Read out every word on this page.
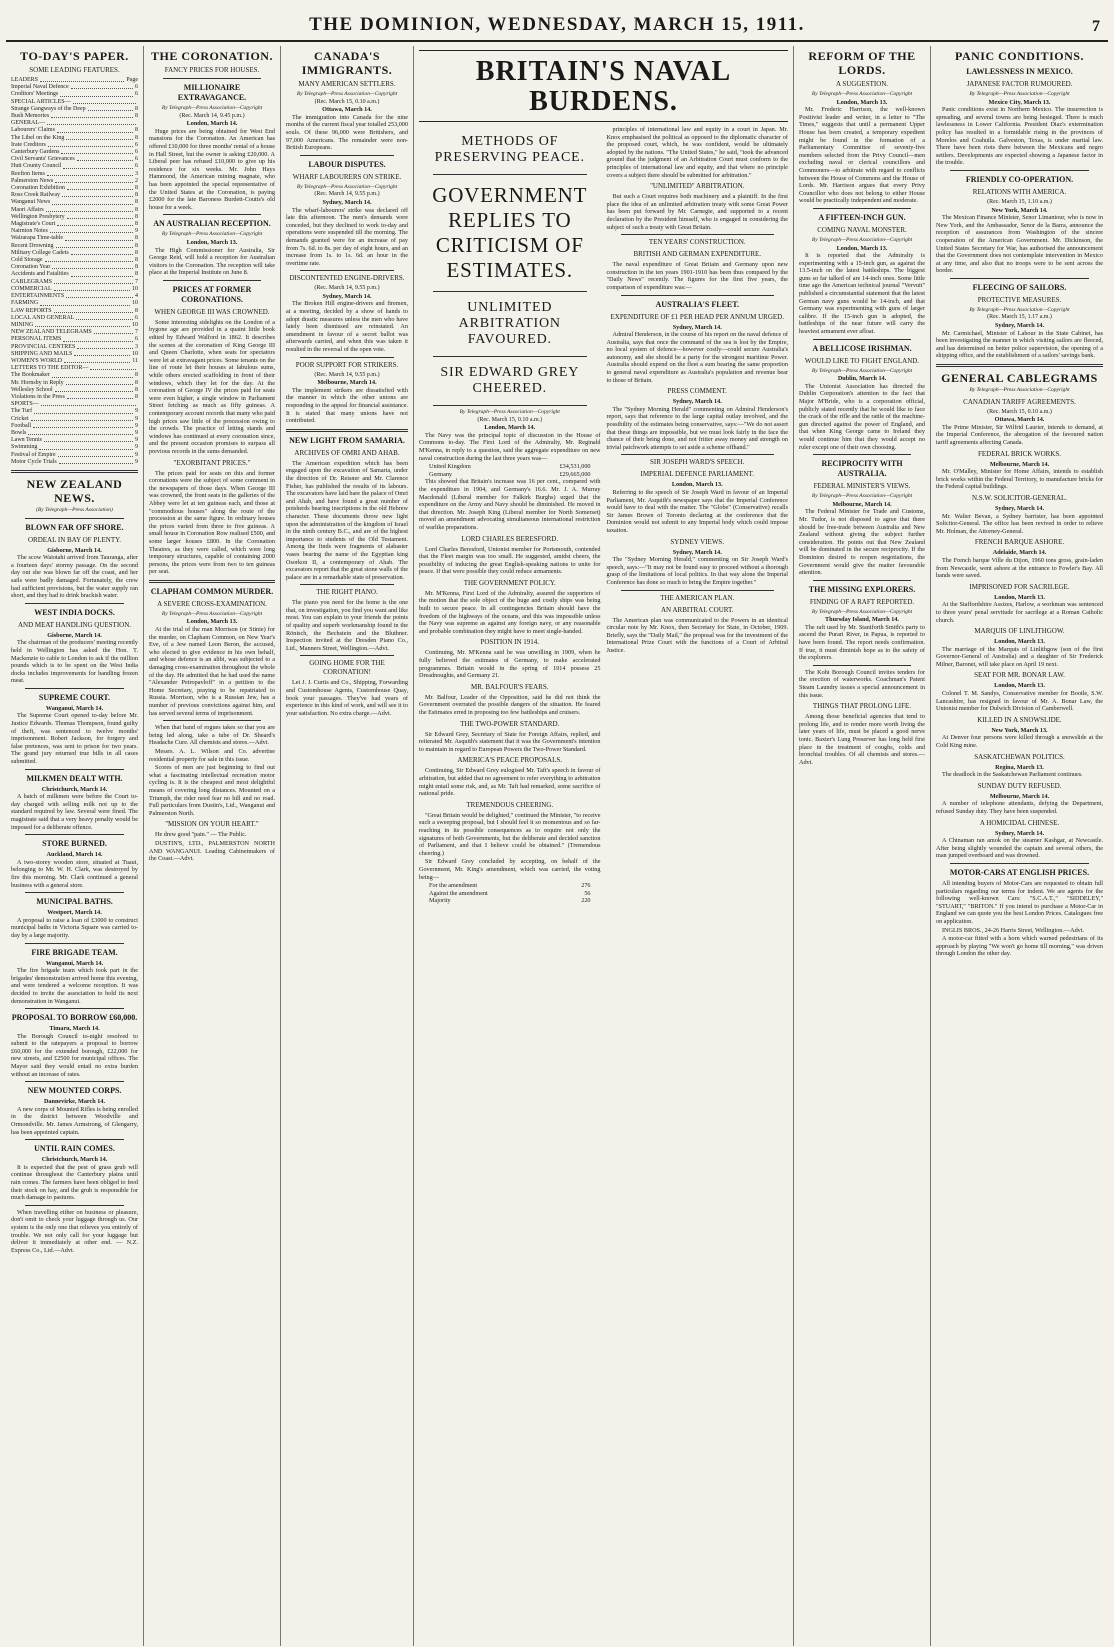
THE DOMINION, WEDNESDAY, MARCH 15, 1911.	7
TO-DAY'S PAPER.
SOME LEADING FEATURES.
LEADERS	Page
Imperial Naval Defence	6
Creditors' Meetings	6
SPECIAL ARTICLES—
Strange Gangways of the Deep	8
Bush Memories	8
GENERAL—
Labourers' Claims	8
The Libel on the King	8
Irate Creditors	6
Canterbury Gardens	6
Civil Servants' Grievances	6
Hutt County Council	6
Reefton Items	3
Palmerston News	2
Coronation Exhibition	8
Ross Creek Railway	8
Wanganui News	8
Maori Affairs	8
Wellington Presbytery	8
Magistrate's Court	8
Nairnton Notes	9
Wairarapa Time-table	8
Recent Drowning	8
Military College Cadets	8
Cold Storage	8
Coronation Year	8
Accidents and Fatalities	8
CABLEGRAMS	7
COMMERCIAL	10
ENTERTAINMENTS	4
FARMING	10
LAW REPORTS	8
LOCAL AND GENERAL	6
MINING	10
NEW ZEALAND TELEGRAMS	7
PERSONAL ITEMS	6
PROVINCIAL CENTRES	3
SHIPPING AND MAILS	10
WOMEN'S WORLD	11
LETTERS TO THE EDITOR—
The Bookmaker	8
Mr. Hornsby in Reply	8
Wellesley School	8
Violations in the Press	8
SPORTS—
The Turf	9
Cricket	9
Football	9
Bowls	9
Lawn Tennis	9
Swimming	9
Festival of Empire	9
Motor Cycle Trials	9
NEW ZEALAND NEWS.
(By Telegraph—Press Association)
BLOWN FAR OFF SHORE.
ORDEAL IN BAY OF PLENTY.
Gisborne, March 14.

The scow Waiotahi arrived from Tauranga, after a fourteen days' stormy passage. On the second day out she was blown far off the coast, and her sails were badly damaged. Fortunately, the crew had sufficient provisions, but the water supply ran short, and they had to drink brackish water.

WEST INDIA DOCKS.
AND MEAT HANDLING QUESTION.
Gisborne, March 14.

The chairman of the producers' meeting recently held in Wellington has asked the Hon. T. Mackenzie to cable to London to ask if the million pounds which is to be spent on the West India docks includes improvements for handling frozen meat.

SUPREME COURT.
Wanganui, March 14.

The Supreme Court opened to-day before Mr. Justice Edwards. Thomas Thompson, found guilty of theft, was sentenced to twelve months' imprisonment. Robert Jackson, for forgery and false pretences, was sent to prison for two years. The grand jury returned true bills in all cases submitted.

MILKMEN DEALT WITH.
Christchurch, March 14.

A batch of milkmen were before the Court to-day charged with selling milk not up to the standard required by law. Several were fined. The magistrate said that a very heavy penalty would be imposed for a deliberate offence.

STORE BURNED.
Auckland, March 14.

A two-storey wooden store, situated at Tuaui, belonging to Mr. W. H. Clark, was destroyed by fire this morning. Mr. Clark continued a general business with a general store.

MUNICIPAL BATHS.
Westport, March 14.

A proposal to raise a loan of £3000 to construct municipal baths in Victoria Square was carried to-day by a large majority.

FIRE BRIGADE TEAM.
Wanganui, March 14.

The fire brigade team which took part in the brigades' demonstration arrived home this evening, and were tendered a welcome reception. It was decided to invite the association to hold its next demonstration in Wanganui.

PROPOSAL TO BORROW £60,000.
Timaru, March 14.

The Borough Council to-night resolved to submit to the ratepayers a proposal to borrow £60,000 for the extended borough, £22,000 for new streets, and £2500 for municipal offices. The Mayor said they would entail no extra burden without an increase of rates.

NEW MOUNTED CORPS.
Dannevirke, March 14.

A new corps of Mounted Rifles is being enrolled in the district between Woodville and Ormondville. Mr. James Armstrong, of Glengarry, has been appointed captain.

UNTIL RAIN COMES.
Christchurch, March 14.

It is expected that the pest of grass grub will continue throughout the Canterbury plains until rain comes. The farmers have been obliged to feed their stock on hay, and the grub is responsible for much damage to pastures.

When travelling either on business or pleasure, don't omit to check your luggage through us. Our system is the only one that relieves you entirely of trouble. We not only call for your luggage but deliver it immediately at other end. — N.Z. Express Co., Ltd.—Advt.

THE CORONATION.
FANCY PRICES FOR HOUSES.
MILLIONAIRE EXTRAVAGANCE.
By Telegraph—Press Association—Copyright
(Rec. March 14, 9.45 p.m.)
London, March 14.

Huge prices are being obtained for West End mansions for the Coronation. An American has offered £10,000 for three months' rental of a house in Hall Street, but the owner is asking £20,000. A Liberal peer has refused £10,000 to give up his residence for six weeks. Mr. John Hays Hammond, the American mining magnate, who has been appointed the special representative of the United States at the Coronation, is paying £2000 for the late Baroness Burdett-Coutts's old house for a week.

AN AUSTRALIAN RECEPTION.
By Telegraph—Press Association—Copyright
London, March 13.

The High Commissioner for Australia, Sir George Reid, will hold a reception for Australian visitors to the Coronation. The reception will take place at the Imperial Institute on June 8.

PRICES AT FORMER CORONATIONS.
WHEN GEORGE III WAS CROWNED.

Some interesting sidelights on the London of a bygone age are provided in a quaint little book edited by Edward Walford in 1862. It describes the scenes at the coronation of King George III and Queen Charlotte, when seats for spectators were let at extravagant prices. Some tenants on the line of route let their houses at fabulous sums, while others erected scaffolding in front of their windows, which they let for the day. At the coronation of George IV the prices paid for seats were even higher, a single window in Parliament Street fetching as much as fifty guineas. A contemporary account records that many who paid high prices saw little of the procession owing to the crowds. The practice of letting stands and windows has continued at every coronation since, and the present occasion promises to surpass all previous records in the sums demanded.

"EXORBITANT PRICES."

The prices paid for seats on this and former coronations were the subject of some comment in the newspapers of those days. When George III was crowned, the front seats in the galleries of the Abbey were let at ten guineas each, and those at "commodious houses" along the route of the procession at the same figure. In ordinary houses the prices varied from three to five guineas. A small house in Coronation Row realised £500, and some larger houses £800. In the Coronation Theatres, as they were called, which were long temporary structures, capable of containing 2000 persons, the prices were from two to ten guineas per seat.

CLAPHAM COMMON MURDER.
A SEVERE CROSS-EXAMINATION.
By Telegraph—Press Association—Copyright
London, March 13.

At the trial of the man Morrison (or Stinie) for the murder, on Clapham Common, on New Year's Eve, of a Jew named Leon Beron, the accused, who elected to give evidence in his own behalf, and whose defence is an alibi, was subjected to a damaging cross-examination throughout the whole of the day. He admitted that he had used the name "Alexander Petropavloff" in a petition to the Home Secretary, praying to be repatriated to Russia. Morrison, who is a Russian Jew, has a number of previous convictions against him, and has served several terms of imprisonment.

When that band of rogues takes so that you are being led along, take a tube of Dr. Sheard's Headache Cure. All chemists and stores.—Advt.

Messrs. A. L. Wilson and Co. advertise residential property for sale in this issue.

Scores of men are just beginning to find out what a fascinating intellectual recreation motor cycling is. It is the cheapest and most delightful means of covering long distances. Mounted on a Triumph, the rider need fear no hill and no road. Full particulars from Dustin's, Ltd., Wanganui and Palmerston North.

"MISSION ON YOUR HEART."

He drew good "pain." — The Public.

DUSTIN'S, LTD., PALMERSTON NORTH AND WANGANUI. Leading Cabinetmakers of the Coast.—Advt.

CANADA'S IMMIGRANTS.
MANY AMERICAN SETTLERS.
By Telegraph—Press Association—Copyright
(Rec. March 15, 0.10 a.m.)
Ottawa, March 14.

The immigration into Canada for the nine months of the current fiscal year totalled 253,000 souls. Of these 96,000 were Britishers, and 97,000 Americans. The remainder were non-British Europeans.

LABOUR DISPUTES.
WHARF LABOURERS ON STRIKE.
By Telegraph—Press Association—Copyright
(Rec. March 14, 9.55 p.m.)
Sydney, March 14.

The wharf-labourers' strike was declared off late this afternoon. The men's demands were conceded, but they declined to work to-day and operations were suspended till the morning. The demands granted were for an increase of pay from 7s. 6d. to 8s. per day of eight hours, and an increase from 1s. to 1s. 6d. an hour in the overtime rate.

DISCONTENTED ENGINE-DRIVERS.
(Rec. March 14, 9.55 p.m.)
Sydney, March 14.

The Broken Hill engine-drivers and firemen, at a meeting, decided by a show of hands to adopt drastic measures unless the men who have lately been dismissed are reinstated. An amendment in favour of a secret ballot was afterwards carried, and when this was taken it resulted in the reversal of the open vote.

POOR SUPPORT FOR STRIKERS.
(Rec. March 14, 9.55 p.m.)
Melbourne, March 14.

The implement strikers are dissatisfied with the manner in which the other unions are responding to the appeal for financial assistance. It is stated that many unions have not contributed.

NEW LIGHT FROM SAMARIA.
ARCHIVES OF OMRI AND AHAB.

The American expedition which has been engaged upon the excavation of Samaria, under the direction of Dr. Reisner and Mr. Clarence Fisher, has published the results of its labours. The excavators have laid bare the palace of Omri and Ahab, and have found a great number of potsherds bearing inscriptions in the old Hebrew character. These documents throw new light upon the administration of the kingdom of Israel in the ninth century B.C., and are of the highest importance to students of the Old Testament. Among the finds were fragments of alabaster vases bearing the name of the Egyptian king Osorkon II, a contemporary of Ahab. The excavators report that the great stone walls of the palace are in a remarkable state of preservation.

THE RIGHT PIANO.

The piano you need for the home is the one that, on investigation, you find you want and like most. You can explain to your friends the points of quality and superb workmanship found in the Rönisch, the Bechstein and the Bluthner. Inspection invited at the Dresden Piano Co., Ltd., Manners Street, Wellington.—Advt.

GOING HOME FOR THE CORONATION!

Let J. J. Curtis and Co., Shipping, Forwarding and Customhouse Agents, Customhouse Quay, book your passages. They've had years of experience in this kind of work, and will see it to your satisfaction. No extra charge.—Advt.

BRITAIN'S NAVAL BURDENS.
METHODS OF PRESERVING PEACE.
GOVERNMENT REPLIES TO CRITICISM OF ESTIMATES.
UNLIMITED ARBITRATION FAVOURED.
SIR EDWARD GREY CHEERED.
By Telegraph—Press Association—Copyright
(Rec. March 15, 0.10 a.m.)
London, March 14.

The Navy was the principal topic of discussion in the House of Commons to-day. The First Lord of the Admiralty, Mr. Reginald M'Kenna, in reply to a question, said the aggregate expenditure on new naval construction during the last three years was—

United Kingdom	£34,531,000
Germany	£29,665,000

This showed that Britain's increase was 16 per cent., compared with the expenditure in 1904, and Germany's 16.6. Mr. J. A. Murray Macdonald (Liberal member for Falkirk Burghs) urged that the expenditure on the Army and Navy should be diminished. He moved in that direction. Mr. Joseph King (Liberal member for North Somerset) moved an amendment advocating simultaneous international restriction of warlike preparations.

LORD CHARLES BERESFORD.

Lord Charles Beresford, Unionist member for Portsmouth, contended that the Fleet margin was too small. He suggested, amidst cheers, the possibility of inducing the great English-speaking nations to unite for peace. If that were possible they could reduce armaments.

THE GOVERNMENT POLICY.

Mr. M'Kenna, First Lord of the Admiralty, assured the supporters of the motion that the sole object of the huge and costly ships was being built to secure peace. In all contingencies Britain should have the freedom of the highways of the oceans, and this was impossible unless the Navy was supreme as against any foreign navy, or any reasonable and probable combination they might have to meet single-handed.

POSITION IN 1914.

Continuing, Mr. M'Kenna said he was unwilling in 1909, when he fully believed the estimates of Germany, to make accelerated programmes. Britain would in the spring of 1914 possess 25 Dreadnoughts, and Germany 21.

MR. BALFOUR'S FEARS.

Mr. Balfour, Leader of the Opposition, said he did not think the Government overrated the possible dangers of the situation. He feared the Estimates erred in proposing too few battleships and cruisers.

THE TWO-POWER STANDARD.

Sir Edward Grey, Secretary of State for Foreign Affairs, replied, and reiterated Mr. Asquith's statement that it was the Government's intention to maintain in regard to European Powers the Two-Power Standard.

AMERICA'S PEACE PROPOSALS.

Continuing, Sir Edward Grey eulogised Mr. Taft's speech in favour of arbitration, but added that no agreement to refer everything to arbitration might entail some risk, and, as Mr. Taft had remarked, some sacrifice of national pride.

TREMENDOUS CHEERING.

"Great Britain would be delighted," continued the Minister, "to receive such a sweeping proposal, but I should feel it so momentous and so far-reaching in its possible consequences as to require not only the signatures of both Governments, but the deliberate and decided sanction of Parliament, and that I believe could be obtained." (Tremendous cheering.)

Sir Edward Grey concluded by accepting, on behalf of the Government, Mr. King's amendment, which was carried, the voting being—

For the amendment	276
Against the amendment	56
Majority	220

principles of international law and equity in a court in Japan. Mr. Knox emphasised the political as opposed to the diplomatic character of the proposed court, which, he was confident, would be ultimately adopted by the nations. "The United States," he said, "took the advanced ground that the judgment of an Arbitration Court must conform to the principles of international law and equity, and that where no principle covers a subject there should be submitted for arbitration."

"UNLIMITED" ARBITRATION.

But such a Court requires both machinery and a plaintiff. In the first place the idea of an unlimited arbitration treaty with some Great Power has been put forward by Mr. Carnegie, and supported to a recent declaration by the President himself, who is engaged in considering the subject of such a treaty with Great Britain.

TEN YEARS' CONSTRUCTION.
BRITISH AND GERMAN EXPENDITURE.

The naval expenditure of Great Britain and Germany upon new construction in the ten years 1901-1910 has been thus compared by the "Daily News" recently. The figures for the first five years, the comparison of expenditure was:—

AUSTRALIA'S FLEET.
EXPENDITURE OF £1 PER HEAD PER ANNUM URGED.
Sydney, March 14.

Admiral Henderson, in the course of his report on the naval defence of Australia, says that once the command of the sea is lost by the Empire, no local system of defence—however costly—could secure Australia's autonomy, and she should be a party for the strongest maritime Power. Australia should expend on the fleet a sum bearing the same proportion to general naval expenditure as Australia's population and revenue bear to those of Britain.

PRESS COMMENT.
Sydney, March 14.

The "Sydney Morning Herald" commenting on Admiral Henderson's report, says that reference to the large capital outlay involved, and the possibility of the estimates being conservative, says:—"We do not assert that these things are impossible, but we must look fairly in the face the chance of their being done, and not fritter away money and strength on trivial patchwork attempts to set aside a scheme offhand."

SIR JOSEPH WARD'S SPEECH.
IMPERIAL DEFENCE PARLIAMENT.
London, March 13.

Referring to the speech of Sir Joseph Ward in favour of an Imperial Parliament, Mr. Asquith's newspaper says that the Imperial Conference would have to deal with the matter. The "Globe" (Conservative) recalls Sir James Brown of Toronto declaring at the conference that the Dominion would not submit to any Imperial body which could impose taxation.

SYDNEY VIEWS.
Sydney, March 14.

The "Sydney Morning Herald," commenting on Sir Joseph Ward's speech, says:—"It may not be found easy to proceed without a thorough grasp of the limitations of local politics. In that way alone the Imperial Conference has done so much to bring the Empire together."

THE AMERICAN PLAN.
AN ARBITRAL COURT.

The American plan was communicated to the Powers in an identical circular note by Mr. Knox, then Secretary for State, in October, 1909. Briefly, says the "Daily Mail," the proposal was for the investment of the International Prize Court with the functions of a Court of Arbitral Justice.

REFORM OF THE LORDS.
A SUGGESTION.
By Telegraph—Press Association—Copyright
London, March 13.

Mr. Frederic Harrison, the well-known Positivist leader and writer, in a letter to "The Times," suggests that until a permanent Upper House has been created, a temporary expedient might be found in the formation of a Parliamentary Committee of seventy-five members selected from the Privy Council—men excluding naval or clerical councillors and Commoners—to arbitrate with regard to conflicts between the House of Commons and the House of Lords. Mr. Harrison argues that every Privy Councillor who does not belong to either House would be practically independent and moderate.

A FIFTEEN-INCH GUN.
COMING NAVAL MONSTER.
By Telegraph—Press Association—Copyright
London, March 13.

It is reported that the Admiralty is experimenting with a 15-inch gun, as against the 13.5-inch on the latest battleships. The biggest guns so far talked of are 14-inch ones. Some little time ago the American technical journal "Vervuit" published a circumstantial statement that the latest German navy guns would be 14-inch, and that Germany was experimenting with guns of larger calibre. If the 15-inch gun is adopted, the battleships of the near future will carry the heaviest armament ever afloat.

A BELLICOSE IRISHMAN.
WOULD LIKE TO FIGHT ENGLAND.
By Telegraph—Press Association—Copyright
Dublin, March 14.

The Unionist Association has directed the Dublin Corporation's attention to the fact that Major M'Bride, who is a corporation official, publicly stated recently that he would like to face the crack of the rifle and the rattle of the machine-gun directed against the power of England, and that when King George came to Ireland they would continue him that they would accept no ruler except one of their own choosing.

RECIPROCITY WITH AUSTRALIA.
FEDERAL MINISTER'S VIEWS.
By Telegraph—Press Association—Copyright
Melbourne, March 14.

The Federal Minister for Trade and Customs, Mr. Tudor, is not disposed to agree that there should be free-trade between Australia and New Zealand without giving the subject further consideration. He points out that New Zealand will be dominated in the secure reciprocity. If the Dominion desired to reopen negotiations, the Government would give the matter favourable attention.

THE MISSING EXPLORERS.
FINDING OF A RAFT REPORTED.
By Telegraph—Press Association—Copyright
Thursday Island, March 14.

The raft used by Mr. Staniforth Smith's party to ascend the Purari River, in Papua, is reported to have been found. The report needs confirmation. If true, it must diminish hope as to the safety of the explorers.

The Kohi Borough Council invites tenders for the erection of waterworks. Coachman's Patent Steam Laundry issues a special announcement in this issue.

THINGS THAT PROLONG LIFE.

Among those beneficial agencies that tend to prolong life, and to render more worth living the later years of life, must be placed a good nerve tonic. Baxter's Lung Preserver has long held first place in the treatment of coughs, colds and bronchial troubles. Of all chemists and stores.—Advt.

PANIC CONDITIONS.
LAWLESSNESS IN MEXICO.
JAPANESE FACTOR RUMOURED.
By Telegraph—Press Association—Copyright
Mexico City, March 13.

Panic conditions exist in Northern Mexico. The insurrection is spreading, and several towns are being besieged. There is much lawlessness in Lower California. President Diaz's extermination policy has resulted in a formidable rising in the provinces of Morelos and Coahuila. Galveston, Texas, is under martial law. There have been riots there between the Mexicans and negro settlers. Developments are expected showing a Japanese factor in the trouble.

FRIENDLY CO-OPERATION.
RELATIONS WITH AMERICA.
(Rec. March 15, 1.10 a.m.)
New York, March 14.

The Mexican Finance Minister, Senor Limantour, who is now in New York, and the Ambassador, Senor de la Barra, announce the reception of assurances from Washington of the sincere cooperation of the American Government. Mr. Dickinson, the United States Secretary for War, has authorised the announcement that the Government does not contemplate intervention in Mexico at any time, and also that no troops were to be sent across the border.

FLEECING OF SAILORS.
PROTECTIVE MEASURES.
By Telegraph—Press Association—Copyright
(Rec. March 15, 1.17 a.m.)
Sydney, March 14.

Mr. Carmichael, Minister of Labour in the State Cabinet, has been investigating the manner in which visiting sailors are fleeced, and has determined on better police supervision, the opening of a shipping office, and the establishment of a sailors' savings bank.

GENERAL CABLEGRAMS
By Telegraph—Press Association—Copyright
CANADIAN TARIFF AGREEMENTS.
(Rec. March 15, 0.10 a.m.)
Ottawa, March 14.

The Prime Minister, Sir Wilfrid Laurier, intends to demand, at the Imperial Conference, the abrogation of the favoured nation tariff agreements affecting Canada.

FEDERAL BRICK WORKS.
Melbourne, March 14.

Mr. O'Malley, Minister for Home Affairs, intends to establish brick works within the Federal Territory, to manufacture bricks for the Federal capital buildings.

N.S.W. SOLICITOR-GENERAL.
Sydney, March 14.

Mr. Walter Bevan, a Sydney barrister, has been appointed Solicitor-General. The office has been revived in order to relieve Mr. Holman, the Attorney-General.

FRENCH BARQUE ASHORE.
Adelaide, March 14.

The French barque Ville du Dijon, 1960 tons gross, grain-laden from Newcastle, went ashore at the entrance to Fowler's Bay. All hands were saved.

IMPRISONED FOR SACRILEGE.
London, March 13.

At the Staffordshire Assizes, Harlow, a workman was sentenced to three years' penal servitude for sacrilege at a Roman Catholic church.

MARQUIS OF LINLITHGOW.
London, March 13.

The marriage of the Marquis of Linlithgow (son of the first Governor-General of Australia) and a daughter of Sir Frederick Milner, Baronet, will take place on April 19 next.

SEAT FOR MR. BONAR LAW.
London, March 13.

Colonel T. M. Sandys, Conservative member for Bootle, S.W. Lancashire, has resigned in favour of Mr. A. Bonar Law, the Unionist member for Dulwich Division of Camberwell.

KILLED IN A SNOWSLIDE.
New York, March 13.

At Denver four persons were killed through a snowslide at the Cold King mine.

SASKATCHEWAN POLITICS.
Regina, March 13.

The deadlock in the Saskatchewan Parliament continues.

SUNDAY DUTY REFUSED.
Melbourne, March 14.

A number of telephone attendants, defying the Department, refused Sunday duty. They have been suspended.

A HOMICIDAL CHINESE.
Sydney, March 14.

A Chinaman ran amok on the steamer Kashgar, at Newcastle. After being slightly wounded the captain and several others, the man jumped overboard and was drowned.

MOTOR-CARS AT ENGLISH PRICES.

All intending buyers of Motor-Cars are requested to obtain full particulars regarding our terms for indent. We are agents for the following well-known Cars: "S.C.A.T.," "SIDDELEY," "STUART," "BRITON." If you intend to purchase a Motor-Car in England we can quote you the best London Prices. Catalogues free on application.

INGLIS BROS., 24-26 Harris Street, Wellington.—Advt.

A motor-car fitted with a horn which warned pedestrians of its approach by playing "We won't go home till morning," was driven through London the other day.
